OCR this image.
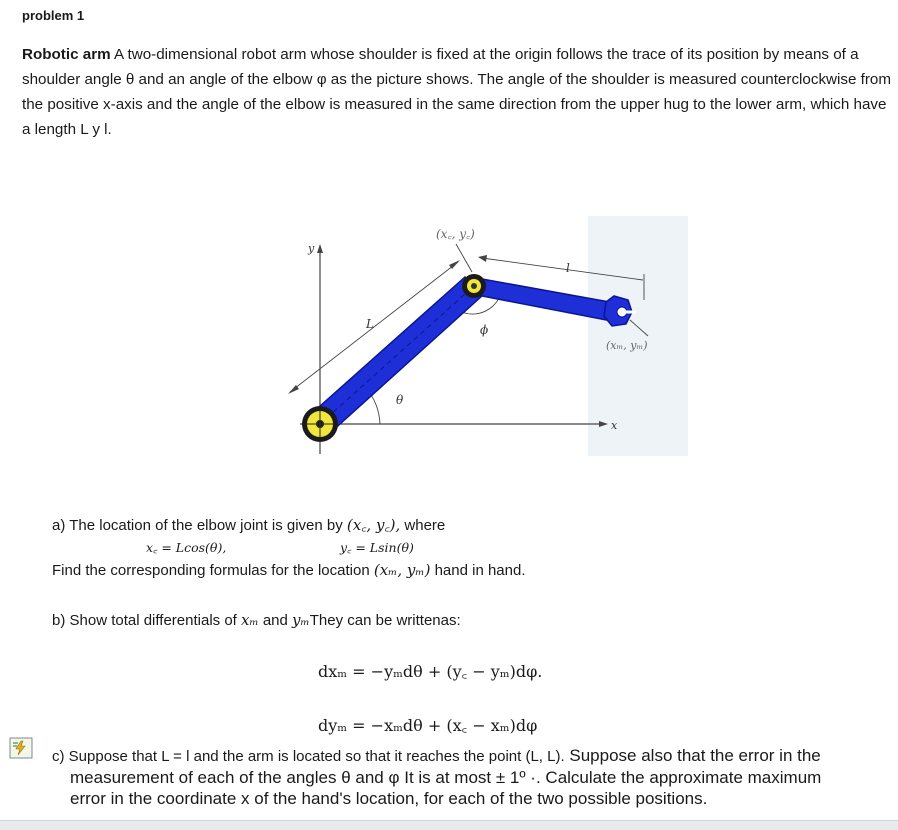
problem 1
Robotic arm A two-dimensional robot arm whose shoulder is fixed at the origin follows the trace of its position by means of a shoulder angle θ and an angle of the elbow φ as the picture shows. The angle of the shoulder is measured counterclockwise from the positive x-axis and the angle of the elbow is measured in the same direction from the upper hug to the lower arm, which have a length L y l.
y
x
L
l
θ
ϕ
(x꜀, y꜀)
(xₘ, yₘ)
a) The location of the elbow joint is given by (x꜀, y꜀), where
x꜀ = Lcos(θ),	y꜀ = Lsin(θ)
Find the corresponding formulas for the location (xₘ, yₘ) hand in hand.
b) Show total differentials of xₘ and yₘThey can be writtenas:
dxₘ = −yₘdθ + (y꜀ − yₘ)dφ.
dyₘ = −xₘdθ + (x꜀ − xₘ)dφ
c) Suppose that L = l and the arm is located so that it reaches the point (L, L). Suppose also that the error in the
measurement of each of the angles θ and φ It is at most ± 1º ·. Calculate the approximate maximum
error in the coordinate x of the hand's location, for each of the two possible positions.
